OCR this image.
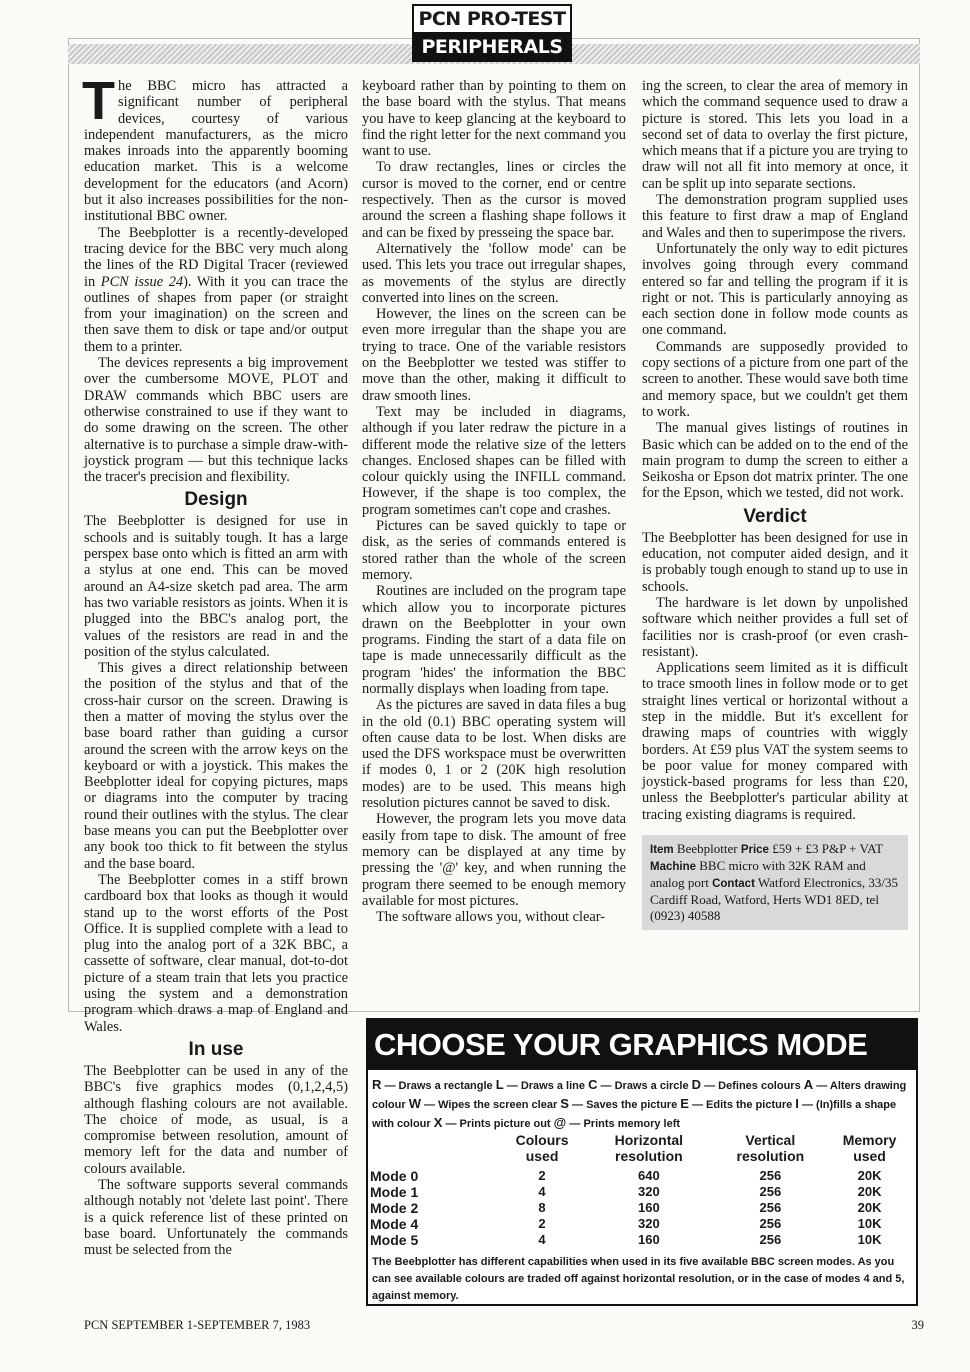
PCN PRO-TEST
PERIPHERALS

The BBC micro has attracted a significant number of peripheral devices, courtesy of various independent manufacturers, as the micro makes inroads into the apparently booming education market. This is a welcome development for the educators (and Acorn) but it also increases possibilities for the non-institutional BBC owner.

The Beebplotter is a recently-developed tracing device for the BBC very much along the lines of the RD Digital Tracer (reviewed in PCN issue 24). With it you can trace the outlines of shapes from paper (or straight from your imagination) on the screen and then save them to disk or tape and/or output them to a printer.

The devices represents a big improvement over the cumbersome MOVE, PLOT and DRAW commands which BBC users are otherwise constrained to use if they want to do some drawing on the screen. The other alternative is to purchase a simple draw-with-joystick program — but this technique lacks the tracer's precision and flexibility.

Design

The Beebplotter is designed for use in schools and is suitably tough. It has a large perspex base onto which is fitted an arm with a stylus at one end. This can be moved around an A4-size sketch pad area. The arm has two variable resistors as joints. When it is plugged into the BBC's analog port, the values of the resistors are read in and the position of the stylus calculated.

This gives a direct relationship between the position of the stylus and that of the cross-hair cursor on the screen. Drawing is then a matter of moving the stylus over the base board rather than guiding a cursor around the screen with the arrow keys on the keyboard or with a joystick. This makes the Beebplotter ideal for copying pictures, maps or diagrams into the computer by tracing round their outlines with the stylus. The clear base means you can put the Beebplotter over any book too thick to fit between the stylus and the base board.

The Beebplotter comes in a stiff brown cardboard box that looks as though it would stand up to the worst efforts of the Post Office. It is supplied complete with a lead to plug into the analog port of a 32K BBC, a cassette of software, clear manual, dot-to-dot picture of a steam train that lets you practice using the system and a demonstration program which draws a map of England and Wales.

In use

The Beebplotter can be used in any of the BBC's five graphics modes (0,1,2,4,5) although flashing colours are not available. The choice of mode, as usual, is a compromise between resolution, amount of memory left for the data and number of colours available.

The software supports several commands although notably not 'delete last point'. There is a quick reference list of these printed on base board. Unfortunately the commands must be selected from the

keyboard rather than by pointing to them on the base board with the stylus. That means you have to keep glancing at the keyboard to find the right letter for the next command you want to use.

To draw rectangles, lines or circles the cursor is moved to the corner, end or centre respectively. Then as the cursor is moved around the screen a flashing shape follows it and can be fixed by presseing the space bar.

Alternatively the 'follow mode' can be used. This lets you trace out irregular shapes, as movements of the stylus are directly converted into lines on the screen.

However, the lines on the screen can be even more irregular than the shape you are trying to trace. One of the variable resistors on the Beebplotter we tested was stiffer to move than the other, making it difficult to draw smooth lines.

Text may be included in diagrams, although if you later redraw the picture in a different mode the relative size of the letters changes. Enclosed shapes can be filled with colour quickly using the INFILL command. However, if the shape is too complex, the program sometimes can't cope and crashes.

Pictures can be saved quickly to tape or disk, as the series of commands entered is stored rather than the whole of the screen memory.

Routines are included on the program tape which allow you to incorporate pictures drawn on the Beebplotter in your own programs. Finding the start of a data file on tape is made unnecessarily difficult as the program 'hides' the information the BBC normally displays when loading from tape.

As the pictures are saved in data files a bug in the old (0.1) BBC operating system will often cause data to be lost. When disks are used the DFS workspace must be overwritten if modes 0, 1 or 2 (20K high resolution modes) are to be used. This means high resolution pictures cannot be saved to disk.

However, the program lets you move data easily from tape to disk. The amount of free memory can be displayed at any time by pressing the '@' key, and when running the program there seemed to be enough memory available for most pictures.

The software allows you, without clear-

ing the screen, to clear the area of memory in which the command sequence used to draw a picture is stored. This lets you load in a second set of data to overlay the first picture, which means that if a picture you are trying to draw will not all fit into memory at once, it can be split up into separate sections.

The demonstration program supplied uses this feature to first draw a map of England and Wales and then to superimpose the rivers.

Unfortunately the only way to edit pictures involves going through every command entered so far and telling the program if it is right or not. This is particularly annoying as each section done in follow mode counts as one command.

Commands are supposedly provided to copy sections of a picture from one part of the screen to another. These would save both time and memory space, but we couldn't get them to work.

The manual gives listings of routines in Basic which can be added on to the end of the main program to dump the screen to either a Seikosha or Epson dot matrix printer. The one for the Epson, which we tested, did not work.

Verdict

The Beebplotter has been designed for use in education, not computer aided design, and it is probably tough enough to stand up to use in schools.

The hardware is let down by unpolished software which neither provides a full set of facilities nor is crash-proof (or even crash-resistant).

Applications seem limited as it is difficult to trace smooth lines in follow mode or to get straight lines vertical or horizontal without a step in the middle. But it's excellent for drawing maps of countries with wiggly borders. At £59 plus VAT the system seems to be poor value for money compared with joystick-based programs for less than £20, unless the Beebplotter's particular ability at tracing existing diagrams is required.

Item Beebplotter Price £59 + £3 P&P + VAT Machine BBC micro with 32K RAM and analog port Contact Watford Electronics, 33/35 Cardiff Road, Watford, Herts WD1 8ED, tel (0923) 40588
CHOOSE YOUR GRAPHICS MODE
R — Draws a rectangle L — Draws a line C — Draws a circle D — Defines colours A — Alters drawing colour W — Wipes the screen clear S — Saves the picture E — Edits the picture I — (In)fills a shape with colour X — Prints picture out @ — Prints memory left
	Colours used	Horizontal resolution	Vertical resolution	Memory used
Mode 0	2	640	256	20K
Mode 1	4	320	256	20K
Mode 2	8	160	256	20K
Mode 4	2	320	256	10K
Mode 5	4	160	256	10K
The Beebplotter has different capabilities when used in its five available BBC screen modes. As you can see available colours are traded off against horizontal resolution, or in the case of modes 4 and 5, against memory.
PCN SEPTEMBER 1-SEPTEMBER 7, 1983	39
